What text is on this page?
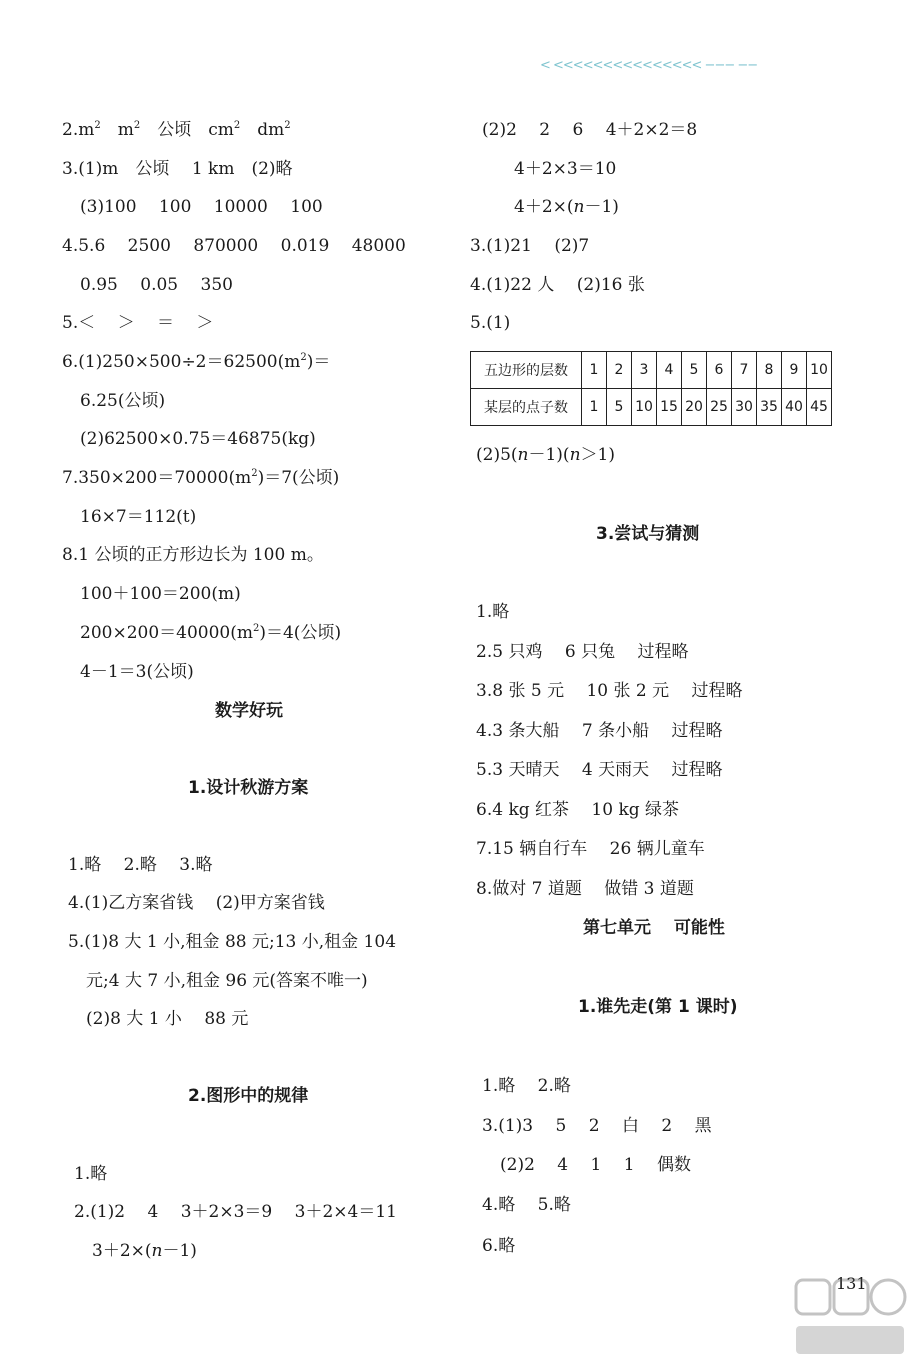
< <<<<<<<<<<<<<<< −−− −−
$2.m^2$　 $m^2$　 公顷　 $cm^2$　 $dm^2$
3.(1)m　公顷　 1 km　(2)略
(3)100　 100　 10000　 100
4.5.6　 2500　 870000　 0.019　 48000
0.95　 0.05　 350
5.＜　 ＞　 ＝　 ＞
$6.(1)250\times 500\div 2=62500(m^2)=$
6.25(公顷)
(2)62500×0.75＝46875(kg)
$7.350\times 200=70000(m^2)=7$(公顷)
16×7＝112(t)
8.1 公顷的正方形边长为 100 m。
100＋100＝200(m)
$200\times 200=40000(m^2)=4$(公顷)
4－1＝3(公顷)
数学好玩
1.设计秋游方案
1.略　 2.略　 3.略
4.(1)乙方案省钱　 (2)甲方案省钱
5.(1)8 大 1 小,租金 88 元;13 小,租金 104
元;4 大 7 小,租金 96 元(答案不唯一)
(2)8 大 1 小　 88 元
2.图形中的规律
1.略
2.(1)2　 4　 3＋2×3＝9　 3＋2×4＝11
3＋2×(n－1)
(2)2　 2　 6　 4＋2×2＝8
4＋2×3＝10
4＋2×(n－1)
3.(1)21　 (2)7
4.(1)22 人　 (2)16 张
5.(1)
五边形的层数	1	2	3	4	5	6	7	8	9	10
某层的点子数	1	5	10	15	20	25	30	35	40	45
(2)5(n－1)(n＞1)
3.尝试与猜测
1.略
2.5 只鸡　 6 只兔　 过程略
3.8 张 5 元　 10 张 2 元　 过程略
4.3 条大船　 7 条小船　 过程略
5.3 天晴天　 4 天雨天　 过程略
6.4 kg 红茶　 10 kg 绿茶
7.15 辆自行车　 26 辆儿童车
8.做对 7 道题　 做错 3 道题
第七单元　 可能性
1.谁先走(第 1 课时)
1.略　 2.略
3.(1)3　 5　 2　 白　 2　 黑
(2)2　 4　 1　 1　 偶数
4.略　 5.略
6.略
131
